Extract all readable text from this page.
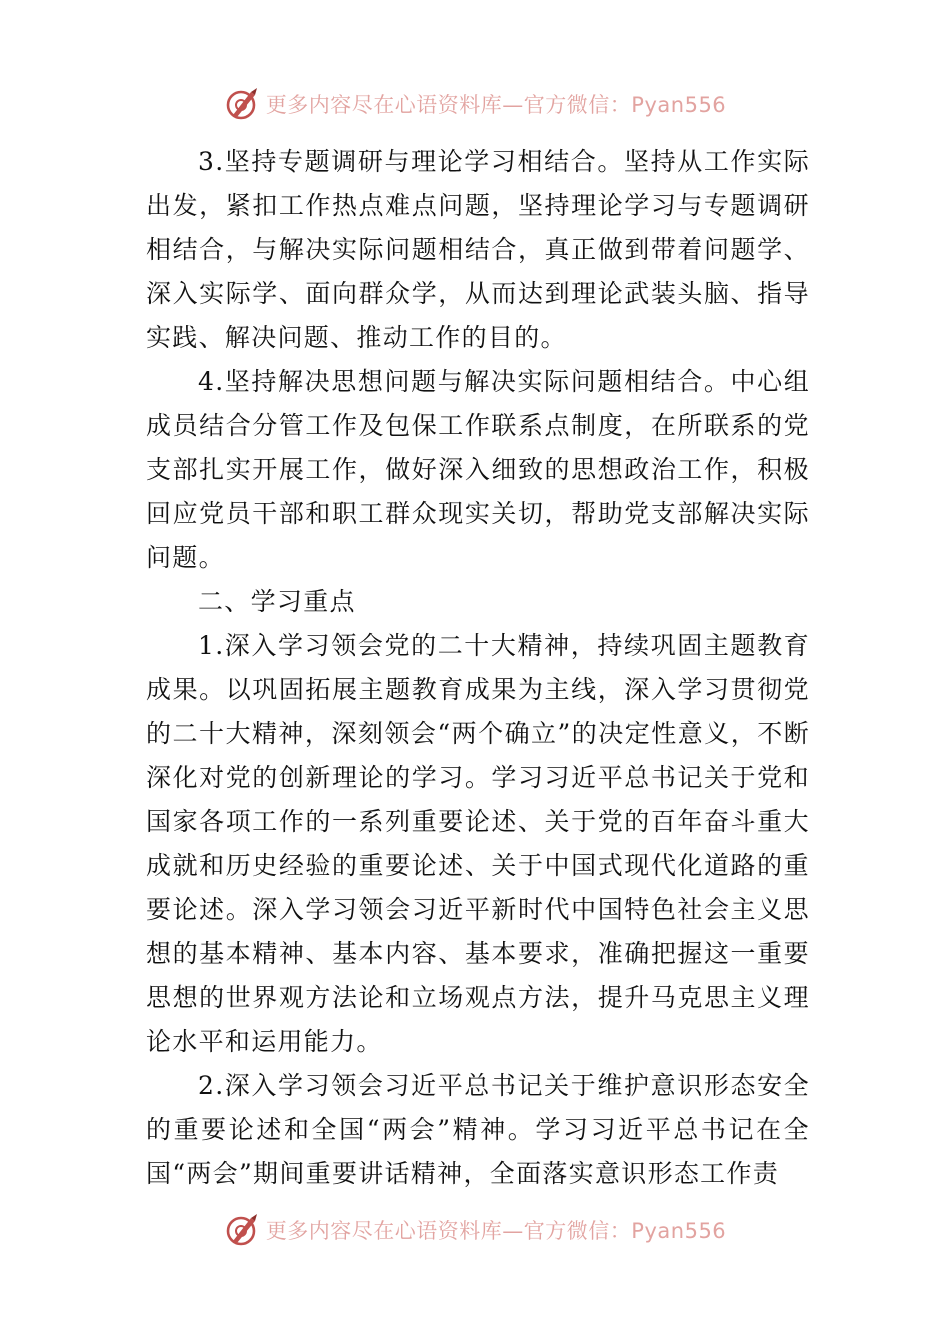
更多内容尽在心语资料库—官方微信：Pyan556

3.坚持专题调研与理论学习相结合。坚持从工作实际出发，紧扣工作热点难点问题，坚持理论学习与专题调研相结合，与解决实际问题相结合，真正做到带着问题学、深入实际学、面向群众学，从而达到理论武装头脑、指导实践、解决问题、推动工作的目的。

4.坚持解决思想问题与解决实际问题相结合。中心组成员结合分管工作及包保工作联系点制度，在所联系的党支部扎实开展工作，做好深入细致的思想政治工作，积极回应党员干部和职工群众现实关切，帮助党支部解决实际问题。

二、学习重点

1.深入学习领会党的二十大精神，持续巩固主题教育成果。以巩固拓展主题教育成果为主线，深入学习贯彻党的二十大精神，深刻领会“两个确立”的决定性意义，不断深化对党的创新理论的学习。学习习近平总书记关于党和国家各项工作的一系列重要论述、关于党的百年奋斗重大成就和历史经验的重要论述、关于中国式现代化道路的重要论述。深入学习领会习近平新时代中国特色社会主义思想的基本精神、基本内容、基本要求，准确把握这一重要思想的世界观方法论和立场观点方法，提升马克思主义理论水平和运用能力。

2.深入学习领会习近平总书记关于维护意识形态安全的重要论述和全国“两会”精神。学习习近平总书记在全国“两会”期间重要讲话精神，全面落实意识形态工作责

更多内容尽在心语资料库—官方微信：Pyan556
